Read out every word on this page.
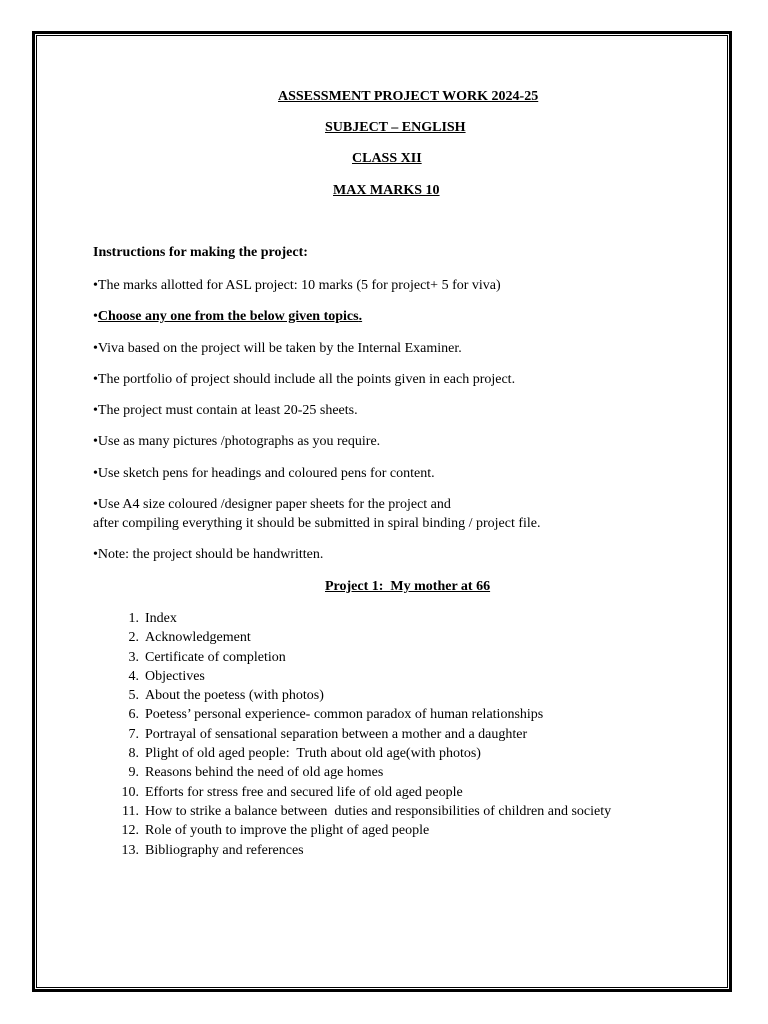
ASSESSMENT PROJECT WORK 2024-25
SUBJECT – ENGLISH
CLASS XII
MAX MARKS 10
Instructions for making the project:
•The marks allotted for ASL project: 10 marks (5 for project+ 5 for viva)
•Choose any one from the below given topics.
•Viva based on the project will be taken by the Internal Examiner.
•The portfolio of project should include all the points given in each project.
•The project must contain at least 20-25 sheets.
•Use as many pictures /photographs as you require.
•Use sketch pens for headings and coloured pens for content.
•Use A4 size coloured /designer paper sheets for the project and
after compiling everything it should be submitted in spiral binding / project file.
•Note: the project should be handwritten.
Project 1:  My mother at 66
1. Index
2. Acknowledgement
3. Certificate of completion
4. Objectives
5. About the poetess (with photos)
6. Poetess’ personal experience- common paradox of human relationships
7. Portrayal of sensational separation between a mother and a daughter
8. Plight of old aged people:  Truth about old age(with photos)
9. Reasons behind the need of old age homes
10. Efforts for stress free and secured life of old aged people
11. How to strike a balance between  duties and responsibilities of children and society
12. Role of youth to improve the plight of aged people
13. Bibliography and references
